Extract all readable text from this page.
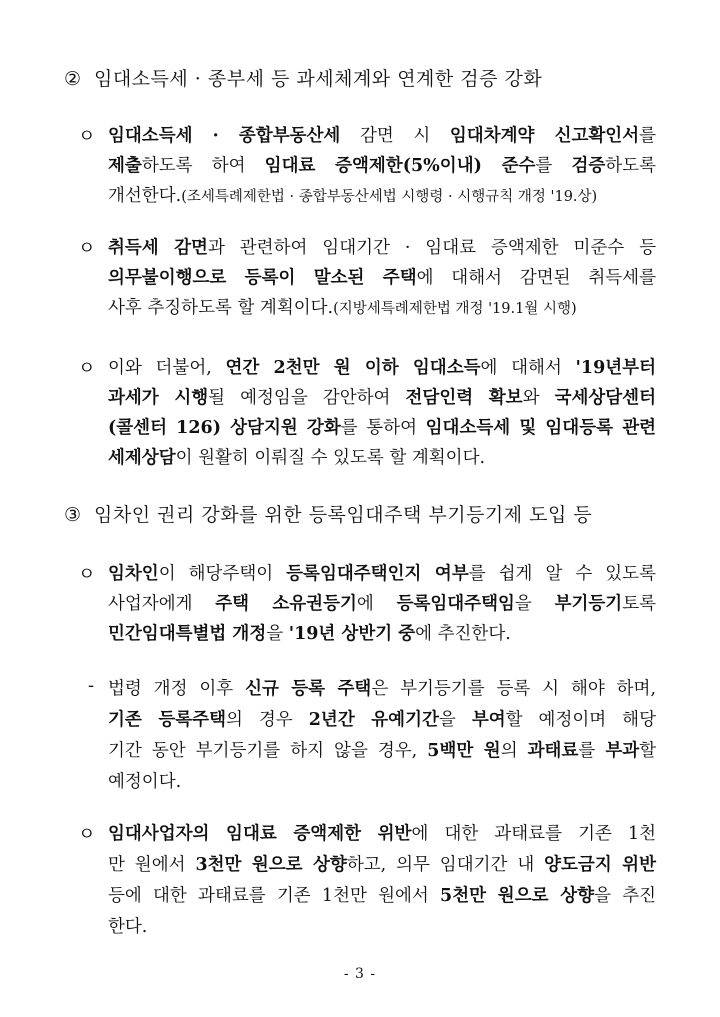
② 임대소득세 · 종부세 등 과세체계와 연계한 검증 강화
ㅇ 임대소득세 · 종합부동산세 감면 시 임대차계약 신고확인서를
제출하도록 하여 임대료 증액제한(5%이내) 준수를 검증하도록
개선한다.(조세특례제한법 · 종합부동산세법 시행령 · 시행규칙 개정 '19.상)
ㅇ 취득세 감면과 관련하여 임대기간 · 임대료 증액제한 미준수 등
의무불이행으로 등록이 말소된 주택에 대해서 감면된 취득세를
사후 추징하도록 할 계획이다.(지방세특례제한법 개정 '19.1월 시행)
ㅇ 이와 더불어, 연간 2천만 원 이하 임대소득에 대해서 '19년부터
과세가 시행될 예정임을 감안하여 전담인력 확보와 국세상담센터
(콜센터 126) 상담지원 강화를 통하여 임대소득세 및 임대등록 관련
세제상담이 원활히 이뤄질 수 있도록 할 계획이다.
③ 임차인 권리 강화를 위한 등록임대주택 부기등기제 도입 등
ㅇ 임차인이 해당주택이 등록임대주택인지 여부를 쉽게 알 수 있도록
사업자에게 주택 소유권등기에 등록임대주택임을 부기등기토록
민간임대특별법 개정을 '19년 상반기 중에 추진한다.
- 법령 개정 이후 신규 등록 주택은 부기등기를 등록 시 해야 하며,
기존 등록주택의 경우 2년간 유예기간을 부여할 예정이며 해당
기간 동안 부기등기를 하지 않을 경우, 5백만 원의 과태료를 부과할
예정이다.
ㅇ 임대사업자의 임대료 증액제한 위반에 대한 과태료를 기존 1천
만 원에서 3천만 원으로 상향하고, 의무 임대기간 내 양도금지 위반
등에 대한 과태료를 기존 1천만 원에서 5천만 원으로 상향을 추진
한다.
- 3 -
